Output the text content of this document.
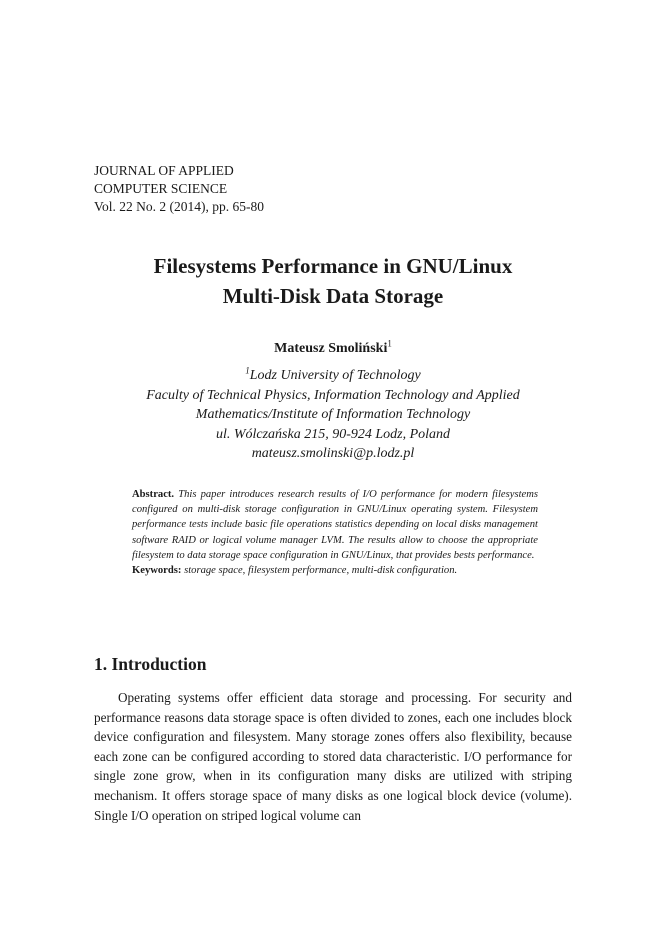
JOURNAL OF APPLIED
COMPUTER SCIENCE
Vol. 22 No. 2 (2014), pp. 65-80
Filesystems Performance in GNU/Linux
Multi-Disk Data Storage
Mateusz Smoliński$^1$
$^1$Lodz University of Technology
Faculty of Technical Physics, Information Technology and Applied
Mathematics/Institute of Information Technology
ul. Wólczańska 215, 90-924 Lodz, Poland
mateusz.smolinski@p.lodz.pl

Abstract. This paper introduces research results of I/O performance for modern filesystems configured on multi-disk storage configuration in GNU/Linux operating system. Filesystem performance tests include basic file operations statistics depending on local disks management software RAID or logical volume manager LVM. The results allow to choose the appropriate filesystem to data storage space configuration in GNU/Linux, that provides bests performance.

Keywords: storage space, filesystem performance, multi-disk configuration.

1. Introduction

Operating systems offer efficient data storage and processing. For security and performance reasons data storage space is often divided to zones, each one includes block device configuration and filesystem. Many storage zones offers also flexibility, because each zone can be configured according to stored data characteristic. I/O performance for single zone grow, when in its configuration many disks are utilized with striping mechanism. It offers storage space of many disks as one logical block device (volume). Single I/O operation on striped logical volume can
